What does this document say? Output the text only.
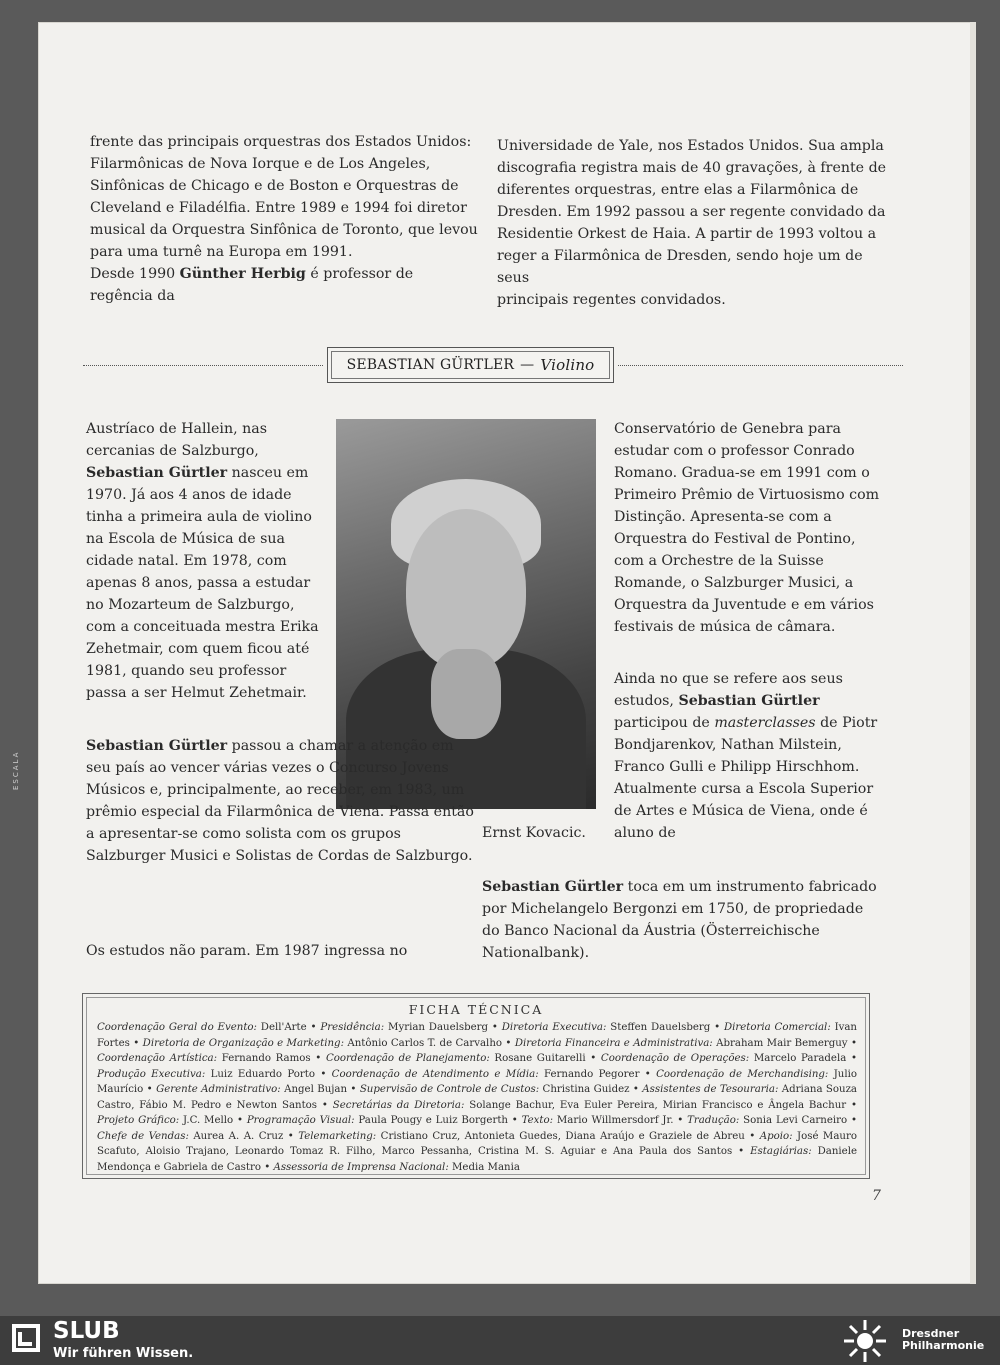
ESCALA

frente das principais orquestras dos Estados Unidos:
Filarmônicas de Nova Iorque e de Los Angeles,
Sinfônicas de Chicago e de Boston e Orquestras de
Cleveland e Filadélfia. Entre 1989 e 1994 foi diretor
musical da Orquestra Sinfônica de Toronto, que levou
para uma turnê na Europa em 1991.
Desde 1990 Günther Herbig é professor de regência da

Universidade de Yale, nos Estados Unidos. Sua ampla
discografia registra mais de 40 gravações, à frente de
diferentes orquestras, entre elas a Filarmônica de
Dresden. Em 1992 passou a ser regente convidado da
Residentie Orkest de Haia. A partir de 1993 voltou a
reger a Filarmônica de Dresden, sendo hoje um de seus
principais regentes convidados.

SEBASTIAN GÜRTLER — Violino

Austríaco de Hallein, nas cercanias de Salzburgo, Sebastian Gürtler nasceu em 1970. Já aos 4 anos de idade tinha a primeira aula de violino na Escola de Música de sua cidade natal. Em 1978, com apenas 8 anos, passa a estudar no Mozarteum de Salzburgo, com a conceituada mestra Erika Zehetmair, com quem ficou até 1981, quando seu professor passa a ser Helmut Zehetmair.

Sebastian Gürtler passou a chamar a atenção em seu país ao vencer várias vezes o Concurso Jovens Músicos e, principalmente, ao receber, em 1983, um prêmio especial da Filarmônica de Viena. Passa então a apresentar-se como solista com os grupos Salzburger Musici e Solistas de Cordas de Salzburgo.

Os estudos não param. Em 1987 ingressa no

Conservatório de Genebra para estudar com o professor Conrado Romano. Gradua-se em 1991 com o Primeiro Prêmio de Virtuosismo com Distinção. Apresenta-se com a Orquestra do Festival de Pontino, com a Orchestre de la Suisse Romande, o Salzburger Musici, a Orquestra da Juventude e em vários festivais de música de câmara.

Ainda no que se refere aos seus estudos, Sebastian Gürtler participou de masterclasses de Piotr Bondjarenkov, Nathan Milstein, Franco Gulli e Philipp Hirschhom. Atualmente cursa a Escola Superior de Artes e Música de Viena, onde é aluno de

Ernst Kovacic.

Sebastian Gürtler toca em um instrumento fabricado por Michelangelo Bergonzi em 1750, de propriedade do Banco Nacional da Áustria (Österreichische Nationalbank).

FICHA TÉCNICA

Coordenação Geral do Evento: Dell'Arte • Presidência: Myrian Dauelsberg • Diretoria Executiva: Steffen Dauelsberg • Diretoria Comercial: Ivan Fortes • Diretoria de Organização e Marketing: Antônio Carlos T. de Carvalho • Diretoria Financeira e Administrativa: Abraham Mair Bemerguy • Coordenação Artística: Fernando Ramos • Coordenação de Planejamento: Rosane Guitarelli • Coordenação de Operações: Marcelo Paradela • Produção Executiva: Luiz Eduardo Porto • Coordenação de Atendimento e Mídia: Fernando Pegorer • Coordenação de Merchandising: Julio Maurício • Gerente Administrativo: Angel Bujan • Supervisão de Controle de Custos: Christina Guidez • Assistentes de Tesouraria: Adriana Souza Castro, Fábio M. Pedro e Newton Santos • Secretárias da Diretoria: Solange Bachur, Eva Euler Pereira, Mirian Francisco e Ângela Bachur • Projeto Gráfico: J.C. Mello • Programação Visual: Paula Pougy e Luiz Borgerth • Texto: Mario Willmersdorf Jr. • Tradução: Sonia Levi Carneiro • Chefe de Vendas: Aurea A. A. Cruz • Telemarketing: Cristiano Cruz, Antonieta Guedes, Diana Araújo e Graziele de Abreu • Apoio: José Mauro Scafuto, Aloisio Trajano, Leonardo Tomaz R. Filho, Marco Pessanha, Cristina M. S. Aguiar e Ana Paula dos Santos • Estagiárias: Daniele Mendonça e Gabriela de Castro • Assessoria de Imprensa Nacional: Media Mania

7

SLUB

Wir führen Wissen.

Dresdner Philharmonie
